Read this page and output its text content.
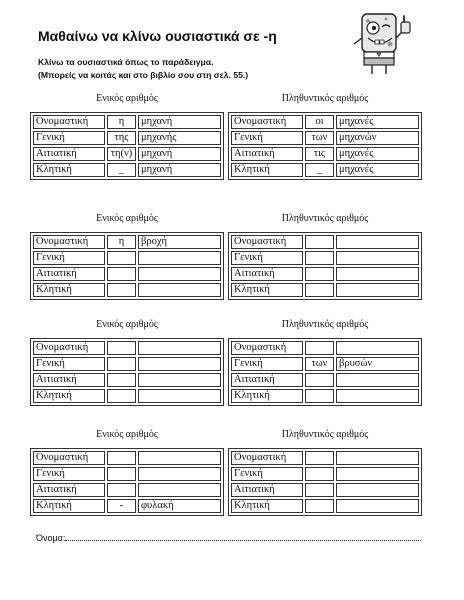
Μαθαίνω να κλίνω ουσιαστικά σε -η
Κλίνω τα ουσιαστικά όπως το παράδειγμα.
(Μπορείς να κοιτάς και στο βιβλίο σου στη σελ. 55.)
Ενικός αριθμός
Ονομαστική	η	μηχανή
Γενική	της	μηχανής
Αιτιατική	τη(ν)	μηχανή
Κλητική	_	μηχανή
Πληθυντικός αριθμός
Ονομαστική	οι	μηχανές
Γενική	των	μηχανών
Αιτιατική	τις	μηχανές
Κλητική	_	μηχανές
Ενικός αριθμός
Ονομαστική	η	βροχή
Γενική		
Αιτιατική		
Κλητική		
Πληθυντικός αριθμός
Ονομαστική		
Γενική		
Αιτιατική		
Κλητική		
Ενικός αριθμός
Ονομαστική		
Γενική		
Αιτιατική		
Κλητική		
Πληθυντικός αριθμός
Ονομαστική		
Γενική	των	βρυσών
Αιτιατική		
Κλητική		
Ενικός αριθμός
Ονομαστική		
Γενική		
Αιτιατική		
Κλητική	-	φυλακή
Πληθυντικός αριθμός
Ονομαστική		
Γενική		
Αιτιατική		
Κλητική		
Όνομα:
